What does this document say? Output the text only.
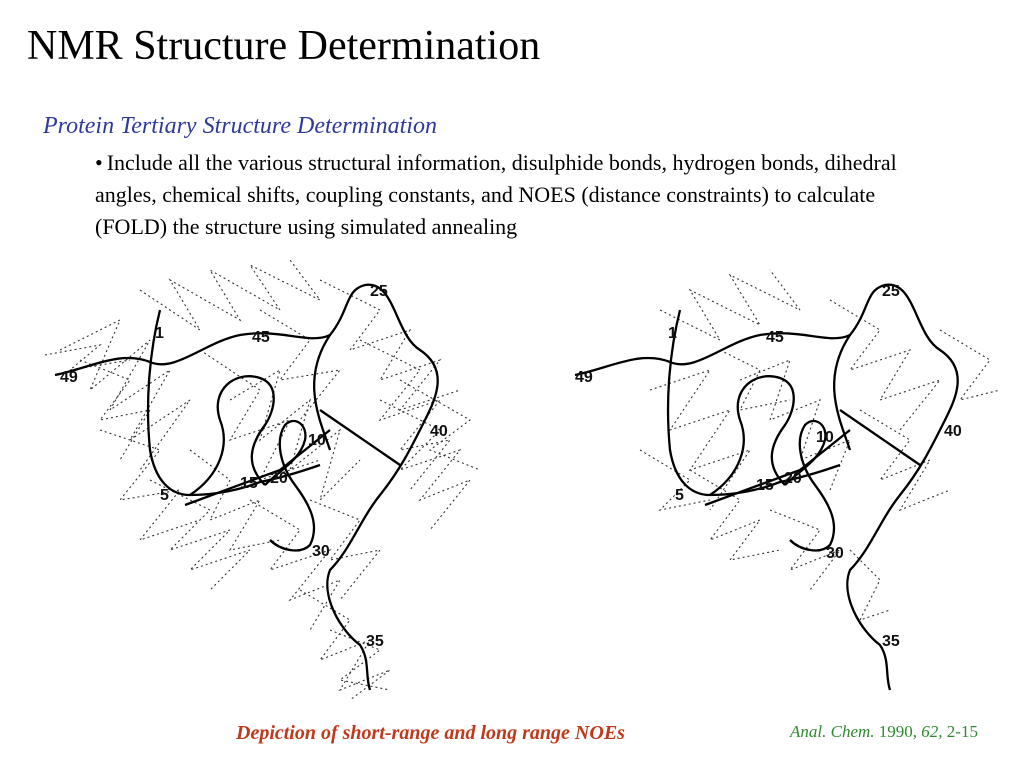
NMR Structure Determination
Protein Tertiary Structure Determination
• Include all the various structural information, disulphide bonds, hydrogen bonds, dihedral angles, chemical shifts, coupling constants, and NOES (distance constraints) to calculate (FOLD) the structure using simulated annealing
1
5
10
15 20
25
30
35
40
45
49
1
5
10
15 20
25
30
35
40
45
49
Depiction of short-range and long range NOEs	Anal. Chem. 1990, 62, 2-15
